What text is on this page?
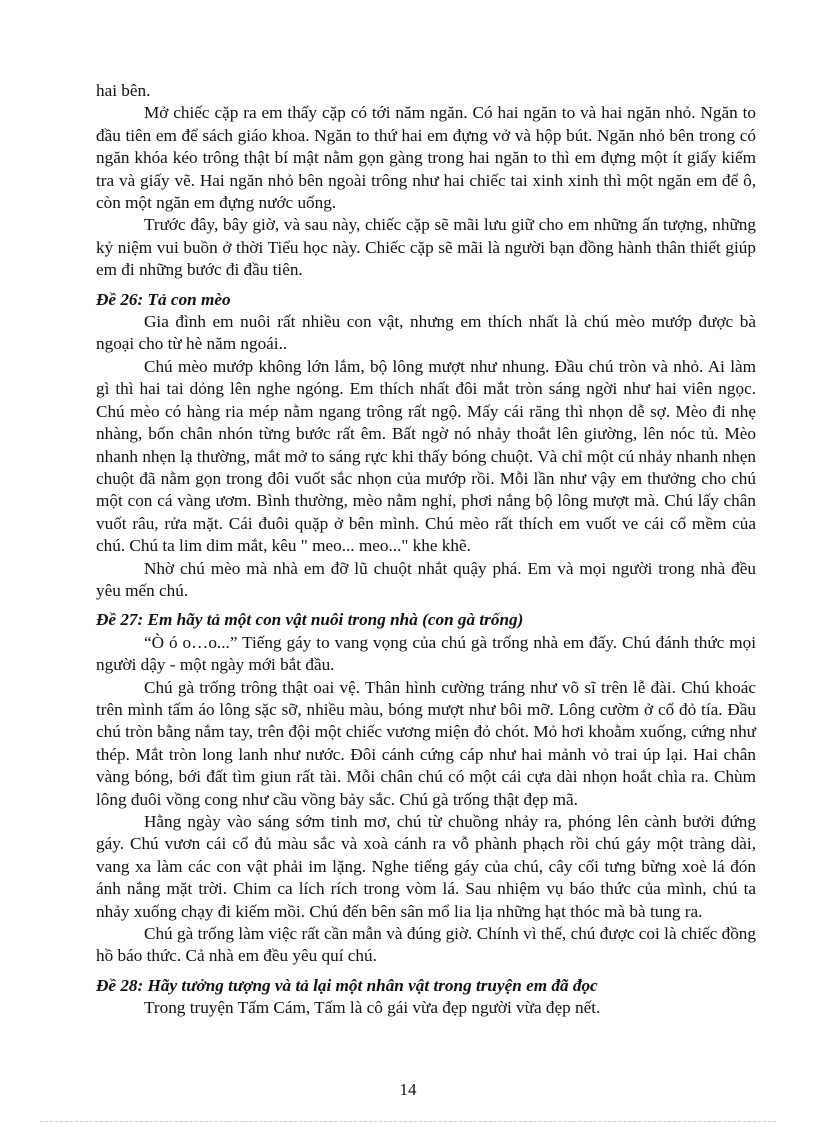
hai bên.

Mở chiếc cặp ra em thấy cặp có tới năm ngăn. Có hai ngăn to và hai ngăn nhỏ. Ngăn to đầu tiên em để sách giáo khoa. Ngăn to thứ hai em đựng vở và hộp bút. Ngăn nhỏ bên trong có ngăn khóa kéo trông thật bí mật nằm gọn gàng trong hai ngăn to thì em đựng một ít giấy kiểm tra và giấy vẽ. Hai ngăn nhỏ bên ngoài trông như hai chiếc tai xinh xinh thì một ngăn em để ô, còn một ngăn em đựng nước uống.

Trước đây, bây giờ, và sau này, chiếc cặp sẽ mãi lưu giữ cho em những ấn tượng, những kỷ niệm vui buồn ở thời Tiểu học này. Chiếc cặp sẽ mãi là người bạn đồng hành thân thiết giúp em đi những bước đi đầu tiên.

Đề 26: Tả con mèo

Gia đình em nuôi rất nhiều con vật, nhưng em thích nhất là chú mèo mướp được bà ngoại cho từ hè năm ngoái..

Chú mèo mướp không lớn lắm, bộ lông mượt như nhung. Đầu chú tròn và nhỏ. Ai làm gì thì hai tai dỏng lên nghe ngóng. Em thích nhất đôi mắt tròn sáng ngời như hai viên ngọc. Chú mèo có hàng ria mép nằm ngang trông rất ngộ. Mấy cái răng thì nhọn dễ sợ. Mèo đi nhẹ nhàng, bốn chân nhón từng bước rất êm. Bất ngờ nó nhảy thoắt lên giường, lên nóc tủ. Mèo nhanh nhẹn lạ thường, mắt mở to sáng rực khi thấy bóng chuột. Và chỉ một cú nhảy nhanh nhẹn chuột đã nằm gọn trong đôi vuốt sắc nhọn của mướp rồi. Mỗi lần như vậy em thưởng cho chú một con cá vàng ươm. Bình thường, mèo nằm nghỉ, phơi nắng bộ lông mượt mà. Chú lấy chân vuốt râu, rửa mặt. Cái đuôi quặp ở bên mình. Chú mèo rất thích em vuốt ve cái cổ mềm của chú. Chú ta lim dim mắt, kêu " meo... meo..." khe khẽ.

Nhờ chú mèo mà nhà em đỡ lũ chuột nhắt quậy phá. Em và mọi người trong nhà đều yêu mến chú.

Đề 27: Em hãy tả một con vật nuôi trong nhà (con gà trống)

“Ò ó o…o...” Tiếng gáy to vang vọng của chú gà trống nhà em đấy. Chú đánh thức mọi người dậy - một ngày mới bắt đầu.

Chú gà trống trông thật oai vệ. Thân hình cường tráng như võ sĩ trên lễ đài. Chú khoác trên mình tấm áo lông sặc sỡ, nhiều màu, bóng mượt như bôi mỡ. Lông cườm ở cổ đỏ tía. Đầu chú tròn bằng nắm tay, trên đội một chiếc vương miện đỏ chót. Mỏ hơi khoằm xuống, cứng như thép. Mắt tròn long lanh như nước. Đôi cánh cứng cáp như hai mảnh vỏ trai úp lại. Hai chân vàng bóng, bới đất tìm giun rất tài. Mỗi chân chú có một cái cựa dài nhọn hoắt chìa ra. Chùm lông đuôi vồng cong như cầu vồng bảy sắc. Chú gà trống thật đẹp mã.

Hằng ngày vào sáng sớm tinh mơ, chú từ chuồng nhảy ra, phóng lên cành bưởi đứng gáy. Chú vươn cái cổ đủ màu sắc và xoà cánh ra vỗ phành phạch rồi chú gáy một tràng dài, vang xa làm các con vật phải im lặng. Nghe tiếng gáy của chú, cây cối tưng bừng xoè lá đón ánh nắng mặt trời. Chim ca lích rích trong vòm lá. Sau nhiệm vụ báo thức của mình, chú ta nhảy xuống chạy đi kiếm mồi. Chú đến bên sân mổ lia lịa những hạt thóc mà bà tung ra.

Chú gà trống làm việc rất cần mẫn và đúng giờ. Chính vì thế, chú được coi là chiếc đồng hồ báo thức. Cả nhà em đều yêu quí chú.

Đề 28: Hãy tưởng tượng và tả lại một nhân vật trong truyện em đã đọc

Trong truyện Tấm Cám, Tấm là cô gái vừa đẹp người vừa đẹp nết.

14
